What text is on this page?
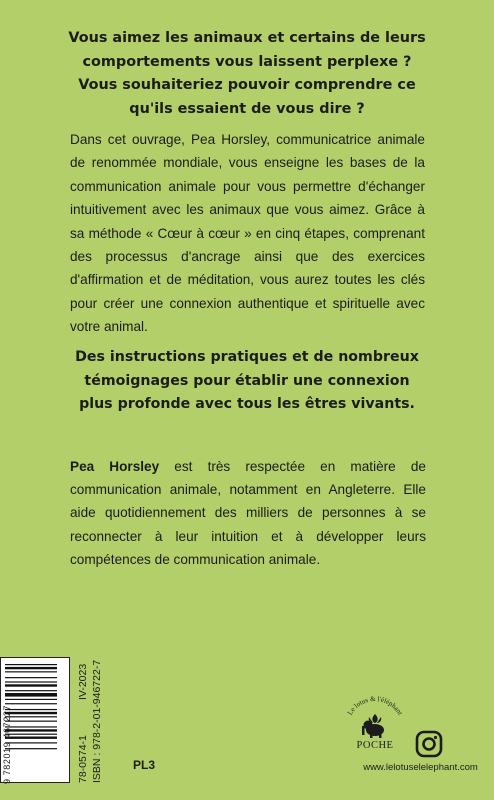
Vous aimez les animaux et certains de leurs
comportements vous laissent perplexe ?
Vous souhaiteriez pouvoir comprendre ce
qu'ils essaient de vous dire ?
Dans cet ouvrage, Pea Horsley, communicatrice animale de renommée mondiale, vous enseigne les bases de la communication animale pour vous permettre d'échanger intuitivement avec les animaux que vous aimez. Grâce à sa méthode « Cœur à cœur » en cinq étapes, comprenant des processus d'ancrage ainsi que des exercices d'affirmation et de méditation, vous aurez toutes les clés pour créer une connexion authentique et spirituelle avec votre animal.
Des instructions pratiques et de nombreux
témoignages pour établir une connexion
plus profonde avec tous les êtres vivants.
Pea Horsley est très respectée en matière de communication animale, notamment en Angleterre. Elle aide quotidiennement des milliers de personnes à se reconnecter à leur intuition et à développer leurs compétences de communication animale.
9 782019 467227	78-0574-1
IV-2023 ISBN : 978-2-01-946722-7	PL3
Le lotus & l'éléphant
POCHE
www.lelotuselelephant.com
